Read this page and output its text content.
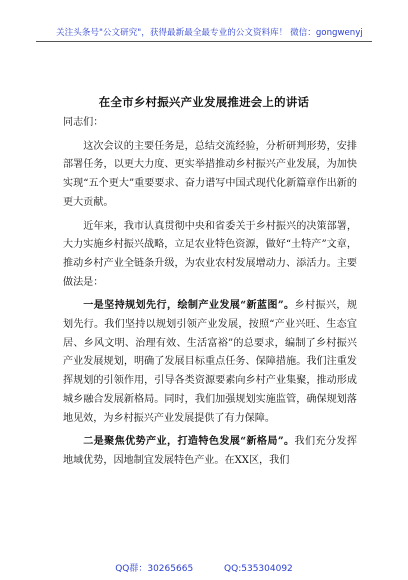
关注头条号"公文研究"，获得最新最全最专业的公文资料库！ 微信：gongwenyj
在全市乡村振兴产业发展推进会上的讲话

同志们：

这次会议的主要任务是，总结交流经验，分析研判形势，安排部署任务，以更大力度、更实举措推动乡村振兴产业发展，为加快实现“五个更大”重要要求、奋力谱写中国式现代化新篇章作出新的更大贡献。

近年来，我市认真贯彻中央和省委关于乡村振兴的决策部署，大力实施乡村振兴战略，立足农业特色资源，做好“土特产”文章，推动乡村产业全链条升级，为农业农村发展增动力、添活力。主要做法是：

一是坚持规划先行，绘制产业发展“新蓝图”。乡村振兴，规划先行。我们坚持以规划引领产业发展，按照“产业兴旺、生态宜居、乡风文明、治理有效、生活富裕”的总要求，编制了乡村振兴产业发展规划，明确了发展目标重点任务、保障措施。我们注重发挥规划的引领作用，引导各类资源要素向乡村产业集聚，推动形成城乡融合发展新格局。同时，我们加强规划实施监管，确保规划落地见效，为乡村振兴产业发展提供了有力保障。

二是聚焦优势产业，打造特色发展“新格局”。我们充分发挥地域优势，因地制宜发展特色产业。在XX区，我们

QQ群：30265665	QQ:535304092
